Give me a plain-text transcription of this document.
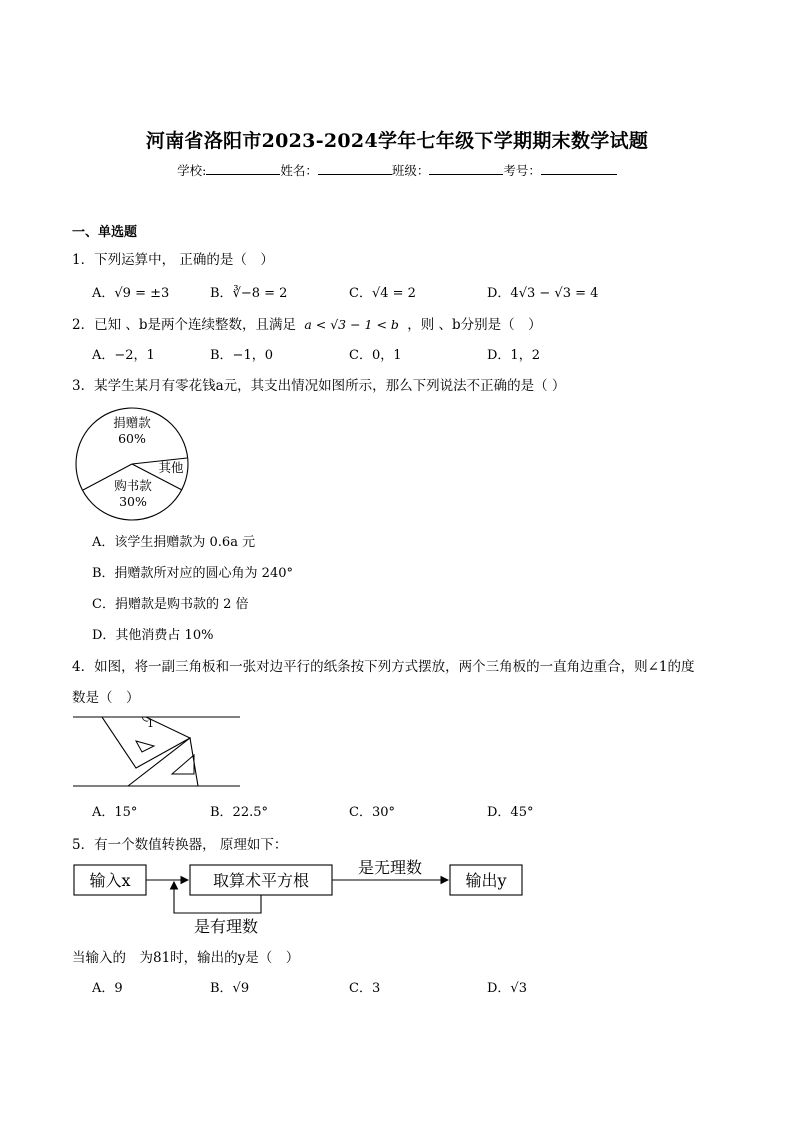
河南省洛阳市2023-2024学年七年级下学期期末数学试题
学校:	姓名：	班级：	考号：
一、单选题
1．下列运算中， 正确的是（　）
A．√9 = ±3	B．∛−8 = 2	C．√4 = 2	D．4√3 − √3 = 4
2．已知 、b是两个连续整数，且满足 a < √3 − 1 < b ，则 、b分别是（　）
A．−2，1	B．−1，0	C．0，1	D．1，2
3．某学生某月有零花钱a元，其支出情况如图所示，那么下列说法不正确的是（ ）
捐赠款
60%
其他
购书款
30%
A．该学生捐赠款为 0.6a 元
B．捐赠款所对应的圆心角为 240°
C．捐赠款是购书款的 2 倍
D．其他消费占 10%
4．如图，将一副三角板和一张对边平行的纸条按下列方式摆放，两个三角板的一直角边重合，则∠1的度
数是（　）
1
A．15°	B．22.5°	C．30°	D．45°
5．有一个数值转换器， 原理如下：
输入x	取算术平方根	输出y
是无理数
是有理数
当输入的　为81时，输出的y是（　）
A．9	B．√9	C．3	D．√3
